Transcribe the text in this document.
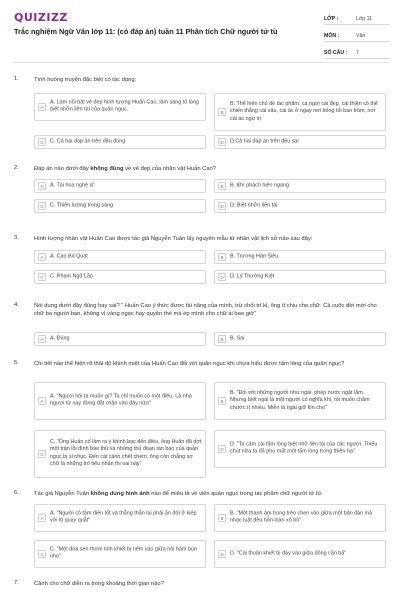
QUIZIZZ
Trắc nghiệm Ngữ Văn lớp 11: (có đáp án) tuần 11 Phân tích Chữ người tử tù
LỚP :	Lớp 11
MÔN :	Văn
SỐ CÂU :	7
1.	Tình huống truyện đặc biệt có tác dụng:
A
A. Làm nổi bật vẻ đẹp hình tượng Huấn Cao, làm sáng tỏ lòng biệt nhỡn liên tài của quản ngục.	B
B. Thể hiện chủ đề tác phẩm: ca ngợi cái đẹp, cái thiện có thể chiến thắng cái xấu, cái ác ở ngay nơi bóng tối bao trùm, nơi cái ác ngự trị
C	C. Cả hai đáp án trên đều đúng	D	D.Cả hai đáp án trên đều sai
2.	Đáp án nào dưới đây không đúng về vẻ đẹp của nhân vật Huấn Cao?
A	A. Tài hoa nghệ sĩ	B	B. Khí phách hiên ngang
C	C. Thiên lương trong sáng	D	D. Biệt nhỡn liên tài
3.	Hình tượng nhân vật Huấn Cao được tác giả Nguyễn Tuân lấy nguyên mẫu từ nhân vật lịch sử nào sau đây:
A	A. Cao Bá Quát	B	B. Trương Hán Siêu
C	C. Phạm Ngũ Lão	D	D. Lý Thường Kiệt
4.	Nói dung dưới đây đúng hay sai? " Huấn Cao ý thức được tài năng của mình, trừ chối trí kỉ, ông ít chịu cho chữ. Cả cuộc đời mới cho chữ ba người bạn, không vì vàng ngọc hay quyền thế mà ép mình cho chữ ai bao giờ"
A	A. Đúng	B	B. Sai
5.	Chi tiết nào thể hiện rõ thái độ khinh miệt của Huấn Cao đối với quản ngục khi chưa hiểu được tấm lòng của quản ngục?
A
A. "Ngươi hỏi ta muốn gì? Ta chỉ muốn có một điều. Là nhà ngươi từ nay đừng đặt chân vào đây nữa"	B
B. "Đối với những người như ngài, phép nước ngặt lắm. Nhưng biết ngài là một người có nghĩa khí, tôi muốn chăm chước ít nhiều. Miễn là ngài giữ kín cho"
C
C. "Ông Huấn cố làm ra ý khinh bạc đến điều, ông Huấn đã dợt một trận lỗi đình bảo thù và những thủ đoạn tàn bạo của quản ngục bị sỉ nhục. Đến cái cảnh chết chém, ông còn chẳng sợ chữ là những trò tiểu nhân thị oai này"
D
D. "Ta cảm cái tấm lòng biệt nhỡ liên tài của các ngươi. Thiếu chút nữa ta đã phụ mất một tấm lòng trong thiên hạ"
6.	Tác giả Nguyễn Tuân không dùng hình ảnh nào để miêu tả về viên quản ngục trong tác phẩm chữ người tử tù:
A
A. "Người cô tâm điền tốt và thẳng thắn lại phải ăn đời ở kiếp với lũ quay quắt"	B
B. "Một thanh âm trong trẻo chen vào giữa một bản đàn mà nhạc luật đều hỗn loạn xô bồ"
C
C. "Một đóa sen thơm tinh khiết bị nêm vào giữa hôi hám bùn nho"	D	D. "Cái thuần khiết bị đày vào giữa đống cặn bã"
7.	Cảnh cho chữ diễn ra trong khoảng thời gian nào?
